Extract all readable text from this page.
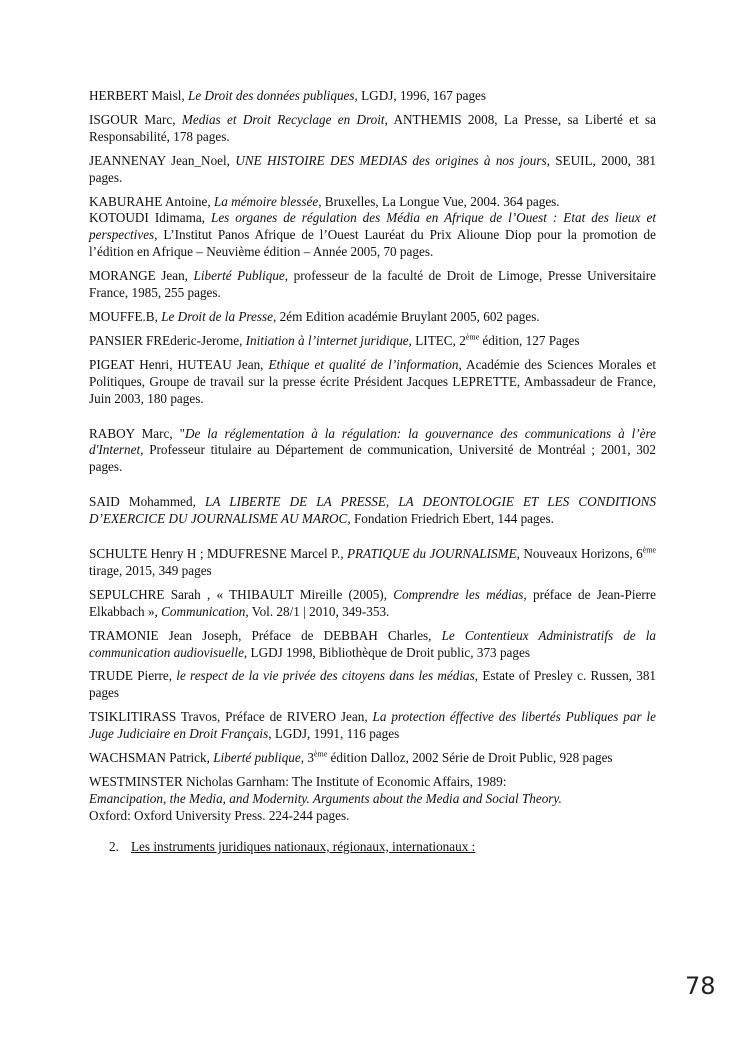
HERBERT Maisl, Le Droit des données publiques, LGDJ, 1996, 167 pages

ISGOUR Marc, Medias et Droit Recyclage en Droit, ANTHEMIS 2008, La Presse, sa Liberté et sa Responsabilité, 178 pages.

JEANNENAY Jean_Noel, UNE HISTOIRE DES MEDIAS des origines à nos jours, SEUIL, 2000, 381 pages.

KABURAHE Antoine, La mémoire blessée, Bruxelles, La Longue Vue, 2004. 364 pages.

KOTOUDI Idimama, Les organes de régulation des Média en Afrique de l’Ouest : Etat des lieux et perspectives, L’Institut Panos Afrique de l’Ouest Lauréat du Prix Alioune Diop pour la promotion de l’édition en Afrique – Neuvième édition – Année 2005, 70 pages.

MORANGE Jean, Liberté Publique, professeur de la faculté de Droit de Limoge, Presse Universitaire France, 1985, 255 pages.

MOUFFE.B, Le Droit de la Presse, 2ém Edition académie Bruylant 2005, 602 pages.

PANSIER FREderic-Jerome, Initiation à l’internet juridique, LITEC, 2ème édition, 127 Pages

PIGEAT Henri, HUTEAU Jean, Ethique et qualité de l’information, Académie des Sciences Morales et Politiques, Groupe de travail sur la presse écrite Président Jacques LEPRETTE, Ambassadeur de France, Juin 2003, 180 pages.

RABOY Marc, "De la réglementation à la régulation: la gouvernance des communications à l’ère d'Internet, Professeur titulaire au Département de communication, Université de Montréal ; 2001, 302 pages.

SAID Mohammed, LA LIBERTE DE LA PRESSE, LA DEONTOLOGIE ET LES CONDITIONS D’EXERCICE DU JOURNALISME AU MAROC, Fondation Friedrich Ebert, 144 pages.

SCHULTE Henry H ; MDUFRESNE Marcel P., PRATIQUE du JOURNALISME, Nouveaux Horizons, 6ème tirage, 2015, 349 pages

SEPULCHRE Sarah , « THIBAULT Mireille (2005), Comprendre les médias, préface de Jean-Pierre Elkabbach », Communication, Vol. 28/1 | 2010, 349-353.

TRAMONIE Jean Joseph, Préface de DEBBAH Charles, Le Contentieux Administratifs de la communication audiovisuelle, LGDJ 1998, Bibliothèque de Droit public, 373 pages

TRUDE Pierre, le respect de la vie privée des citoyens dans les médias, Estate of Presley c. Russen, 381 pages

TSIKLITIRASS Travos, Préface de RIVERO Jean, La protection éffective des libertés Publiques par le Juge Judiciaire en Droit Français, LGDJ, 1991, 116 pages

WACHSMAN Patrick, Liberté publique, 3ème édition Dalloz, 2002 Série de Droit Public, 928 pages

WESTMINSTER Nicholas Garnham: The Institute of Economic Affairs, 1989:
Emancipation, the Media, and Modernity. Arguments about the Media and Social Theory.
Oxford: Oxford University Press. 224-244 pages.

2. Les instruments juridiques nationaux, régionaux, internationaux :
78
